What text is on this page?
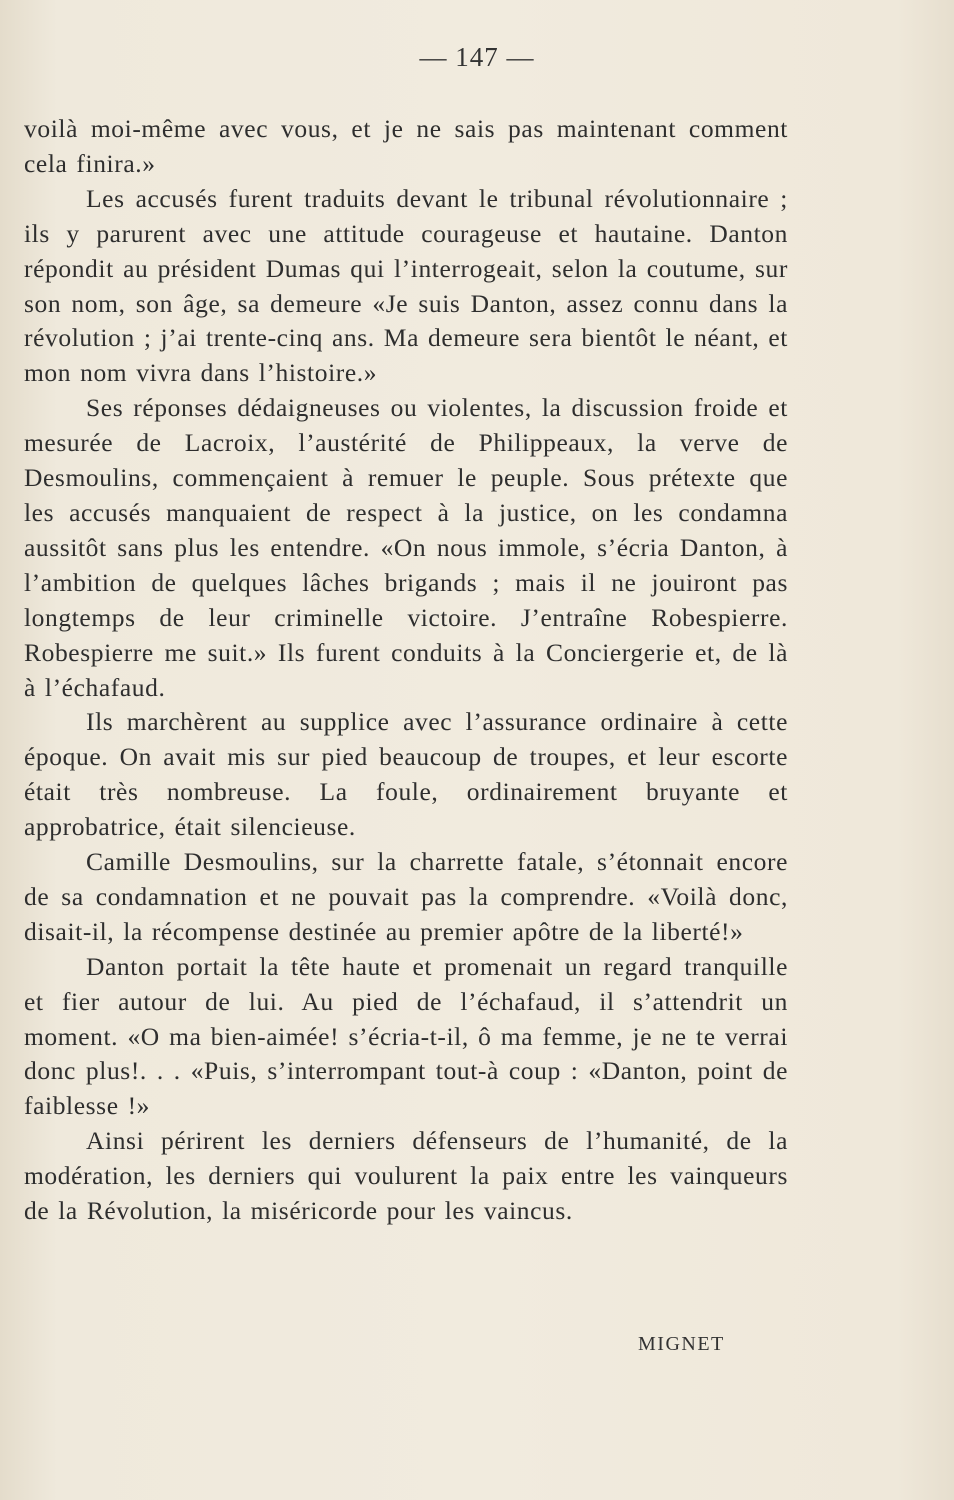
— 147 —

voilà moi-même avec vous, et je ne sais pas maintenant comment cela finira.»

Les accusés furent traduits devant le tribunal révolutionnaire ; ils y parurent avec une attitude courageuse et hautaine. Danton répondit au président Dumas qui l’interrogeait, selon la coutume, sur son nom, son âge, sa demeure «Je suis Danton, assez connu dans la révolution ; j’ai trente-cinq ans. Ma demeure sera bientôt le néant, et mon nom vivra dans l’histoire.»

Ses réponses dédaigneuses ou violentes, la discussion froide et mesurée de Lacroix, l’austérité de Philippeaux, la verve de Desmoulins, commençaient à remuer le peuple. Sous prétexte que les accusés manquaient de respect à la justice, on les condamna aussitôt sans plus les entendre. «On nous immole, s’écria Danton, à l’ambition de quelques lâches brigands ; mais il ne jouiront pas longtemps de leur criminelle victoire. J’entraîne Robespierre. Robespierre me suit.» Ils furent conduits à la Conciergerie et, de là à l’échafaud.

Ils marchèrent au supplice avec l’assurance ordinaire à cette époque. On avait mis sur pied beaucoup de troupes, et leur escorte était très nombreuse. La foule, ordinairement bruyante et approbatrice, était silencieuse.

Camille Desmoulins, sur la charrette fatale, s’étonnait encore de sa condamnation et ne pouvait pas la comprendre. «Voilà donc, disait-il, la récompense destinée au premier apôtre de la liberté!»

Danton portait la tête haute et promenait un regard tranquille et fier autour de lui. Au pied de l’échafaud, il s’attendrit un moment. «O ma bien-aimée! s’écria-t-il, ô ma femme, je ne te verrai donc plus!. . . «Puis, s’interrompant tout-à coup : «Danton, point de faiblesse !»

Ainsi périrent les derniers défenseurs de l’humanité, de la modération, les derniers qui voulurent la paix entre les vainqueurs de la Révolution, la miséricorde pour les vaincus.

MIGNET
